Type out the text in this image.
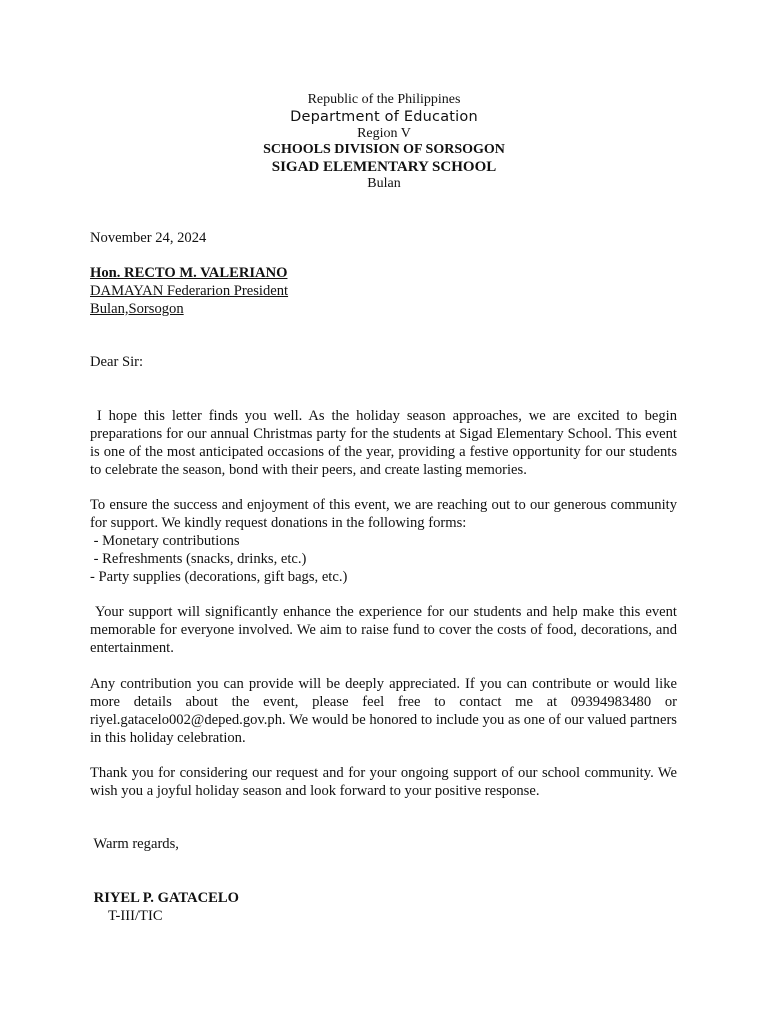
Republic of the Philippines
Department of Education
Region V
SCHOOLS DIVISION OF SORSOGON
SIGAD ELEMENTARY SCHOOL
Bulan
November 24, 2024
Hon. RECTO M. VALERIANO
DAMAYAN Federarion President
Bulan,Sorsogon
Dear Sir:
I hope this letter finds you well. As the holiday season approaches, we are excited to begin preparations for our annual Christmas party for the students at Sigad Elementary School. This event is one of the most anticipated occasions of the year, providing a festive opportunity for our students to celebrate the season, bond with their peers, and create lasting memories.
To ensure the success and enjoyment of this event, we are reaching out to our generous community for support. We kindly request donations in the following forms:
- Monetary contributions
- Refreshments (snacks, drinks, etc.)
- Party supplies (decorations, gift bags, etc.)
Your support will significantly enhance the experience for our students and help make this event memorable for everyone involved. We aim to raise fund to cover the costs of food, decorations, and entertainment.
Any contribution you can provide will be deeply appreciated. If you can contribute or would like more details about the event, please feel free to contact me at 09394983480 or riyel.gatacelo002@deped.gov.ph. We would be honored to include you as one of our valued partners in this holiday celebration.
Thank you for considering our request and for your ongoing support of our school community. We wish you a joyful holiday season and look forward to your positive response.
Warm regards,
RIYEL P. GATACELO
T-III/TIC
